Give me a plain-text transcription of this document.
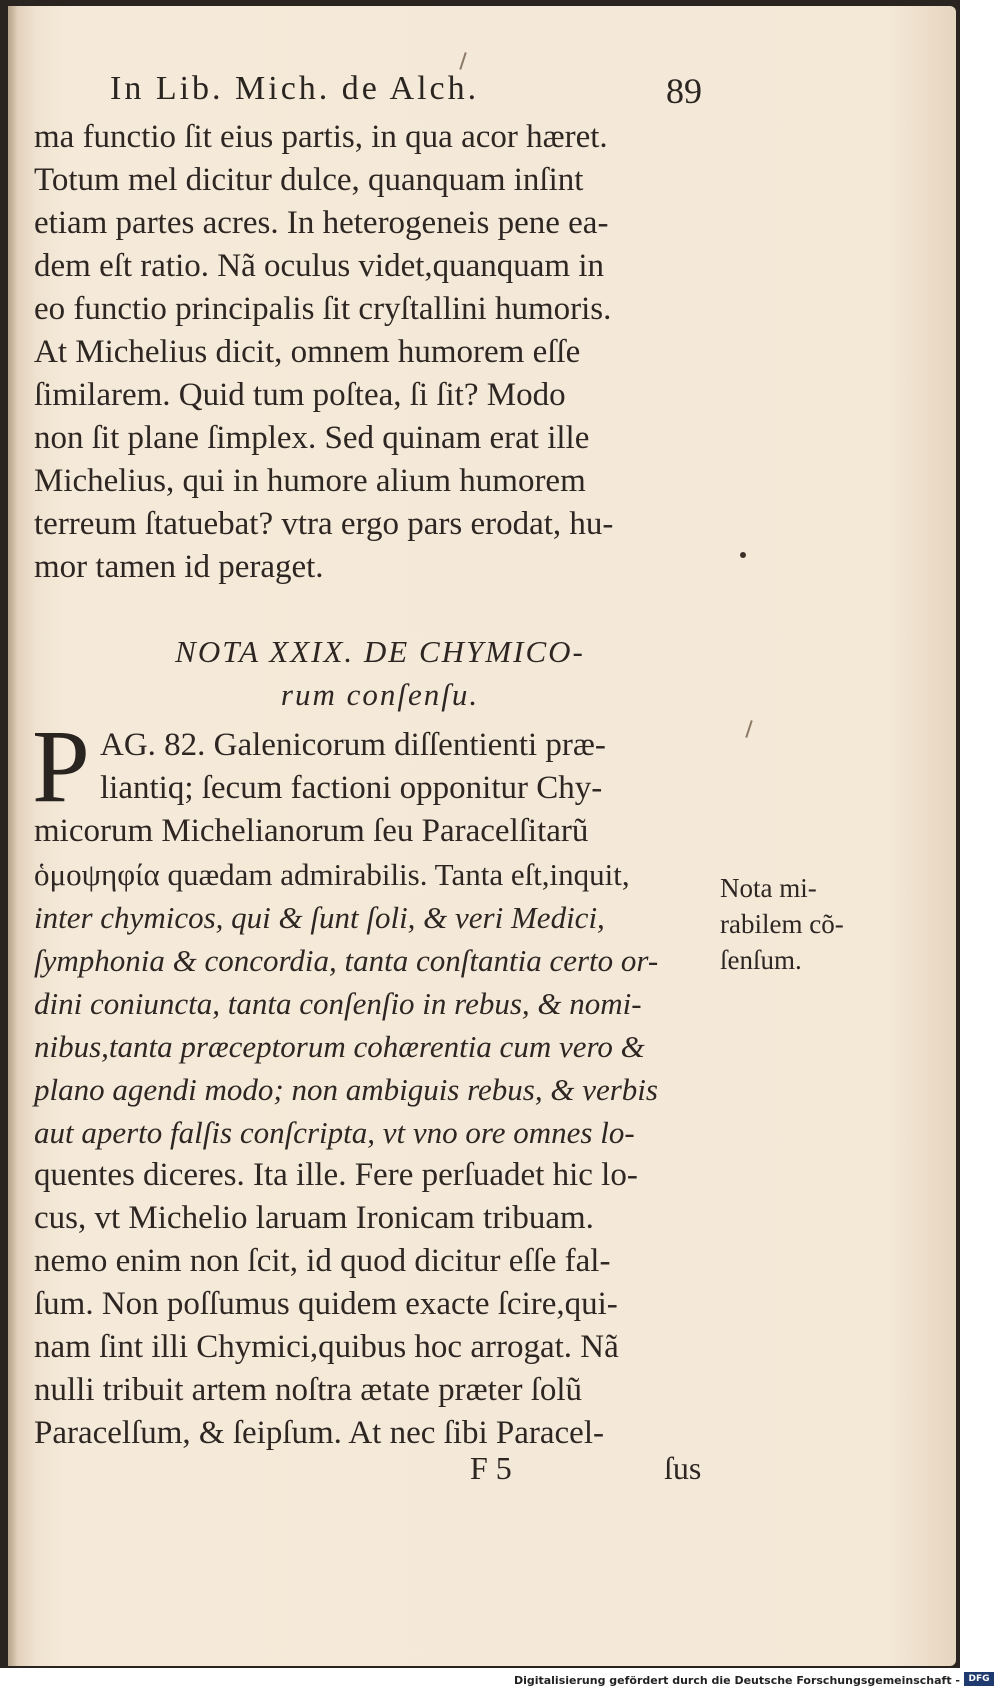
In Lib. Mich. de Alch.	89
ma functio ſit eius partis, in qua acor hæret.
Totum mel dicitur dulce, quanquam inſint
etiam partes acres. In heterogeneis pene ea-
dem eſt ratio. Nã oculus videt,quanquam in
eo functio principalis ſit cryſtallini humoris.
At Michelius dicit, omnem humorem eſſe
ſimilarem. Quid tum poſtea, ſi ſit? Modo
non ſit plane ſimplex. Sed quinam erat ille
Michelius, qui in humore alium humorem
terreum ſtatuebat? vtra ergo pars erodat, hu-
mor tamen id peraget.
NOTA XXIX. DE CHYMICO-
rum conſenſu.
P AG. 82. Galenicorum diſſentienti præ-
liantiq; ſecum factioni opponitur Chy-
micorum Michelianorum ſeu Paracelſitarũ
ὁμοψηφία quædam admirabilis. Tanta eſt,inquit,
inter chymicos, qui & ſunt ſoli, & veri Medici,
ſymphonia & concordia, tanta conſtantia certo or-
dini coniuncta, tanta conſenſio in rebus, & nomi-
nibus,tanta præceptorum cohærentia cum vero &
plano agendi modo; non ambiguis rebus, & verbis
aut aperto falſis conſcripta, vt vno ore omnes lo-
quentes diceres. Ita ille. Fere perſuadet hic lo-
cus, vt Michelio laruam Ironicam tribuam.
nemo enim non ſcit, id quod dicitur eſſe fal-
ſum. Non poſſumus quidem exacte ſcire,qui-
nam ſint illi Chymici,quibus hoc arrogat. Nã
nulli tribuit artem noſtra ætate præter ſolũ
Paracelſum, & ſeipſum. At nec ſibi Paracel-
Nota mi-
rabilem cõ-
ſenſum.
F 5	ſus
Digitalisierung gefördert durch die Deutsche Forschungsgemeinschaft - DFG
